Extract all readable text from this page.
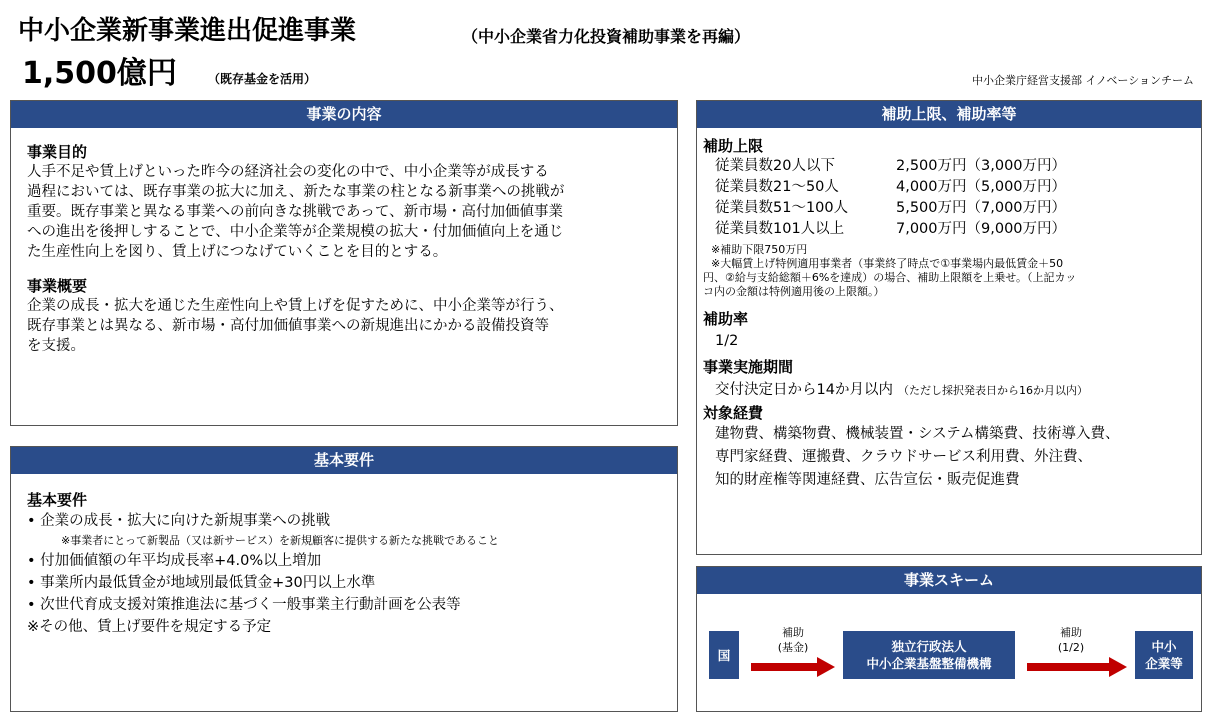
中小企業新事業進出促進事業	（中小企業省力化投資補助事業を再編）
1,500億円	（既存基金を活用）	中小企業庁経営支援部 イノベーションチーム
事業の内容
事業目的
人手不足や賃上げといった昨今の経済社会の変化の中で、中小企業等が成長する
過程においては、既存事業の拡大に加え、新たな事業の柱となる新事業への挑戦が
重要。既存事業と異なる事業への前向きな挑戦であって、新市場・高付加価値事業
への進出を後押しすることで、中小企業等が企業規模の拡大・付加価値向上を通じ
た生産性向上を図り、賃上げにつなげていくことを目的とする。
事業概要
企業の成長・拡大を通じた生産性向上や賃上げを促すために、中小企業等が行う、
既存事業とは異なる、新市場・高付加価値事業への新規進出にかかる設備投資等
を支援。
基本要件
基本要件
• 企業の成長・拡大に向けた新規事業への挑戦
※事業者にとって新製品（又は新サービス）を新規顧客に提供する新たな挑戦であること
• 付加価値額の年平均成長率+4.0%以上増加
• 事業所内最低賃金が地域別最低賃金+30円以上水準
• 次世代育成支援対策推進法に基づく一般事業主行動計画を公表等
※その他、賃上げ要件を規定する予定
補助上限、補助率等
補助上限
従業員数20人以下	2,500万円（3,000万円）
従業員数21～50人	4,000万円（5,000万円）
従業員数51～100人	5,500万円（7,000万円）
従業員数101人以上	7,000万円（9,000万円）
※補助下限750万円
※大幅賃上げ特例適用事業者（事業終了時点で①事業場内最低賃金＋50
円、②給与支給総額＋6%を達成）の場合、補助上限額を上乗せ。（上記カッ
コ内の金額は特例適用後の上限額。）
補助率
1/2
事業実施期間
交付決定日から14か月以内 （ただし採択発表日から16か月以内）
対象経費
建物費、構築物費、機械装置・システム構築費、技術導入費、
専門家経費、運搬費、クラウドサービス利用費、外注費、
知的財産権等関連経費、広告宣伝・販売促進費
事業スキーム
国
補助
(基金)	独立行政法人
中小企業基盤整備機構
補助
(1/2)	中小
企業等
